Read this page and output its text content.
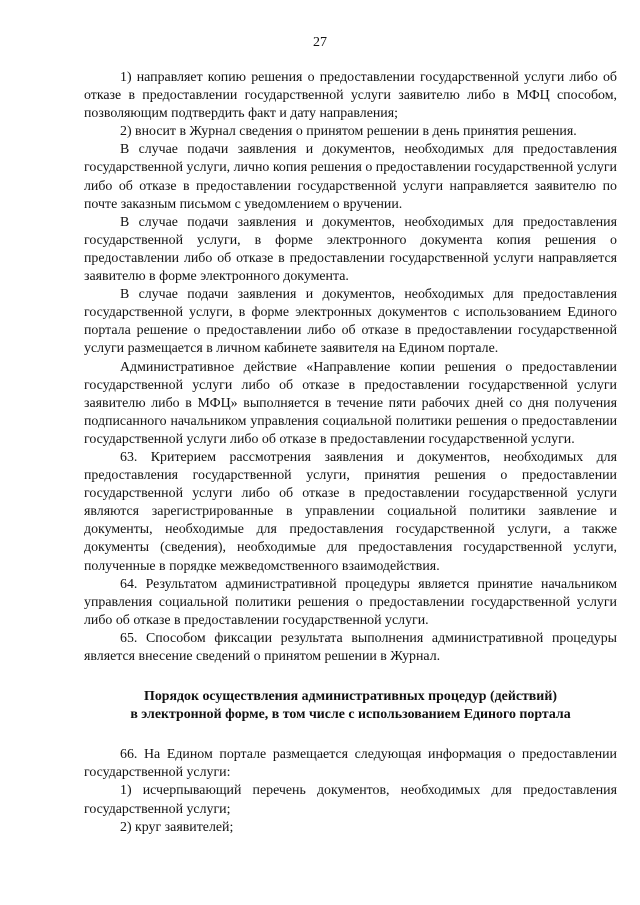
27

1) направляет копию решения о предоставлении государственной услуги либо об отказе в предоставлении государственной услуги заявителю либо в МФЦ способом, позволяющим подтвердить факт и дату направления;

2) вносит в Журнал сведения о принятом решении в день принятия решения.

В случае подачи заявления и документов, необходимых для предоставления государственной услуги, лично копия решения о предоставлении государственной услуги либо об отказе в предоставлении государственной услуги направляется заявителю по почте заказным письмом с уведомлением о вручении.

В случае подачи заявления и документов, необходимых для предоставления государственной услуги, в форме электронного документа копия решения о предоставлении либо об отказе в предоставлении государственной услуги направляется заявителю в форме электронного документа.

В случае подачи заявления и документов, необходимых для предоставления государственной услуги, в форме электронных документов с использованием Единого портала решение о предоставлении либо об отказе в предоставлении государственной услуги размещается в личном кабинете заявителя на Едином портале.

Административное действие «Направление копии решения о предоставлении государственной услуги либо об отказе в предоставлении государственной услуги заявителю либо в МФЦ» выполняется в течение пяти рабочих дней со дня получения подписанного начальником управления социальной политики решения о предоставлении государственной услуги либо об отказе в предоставлении государственной услуги.

63. Критерием рассмотрения заявления и документов, необходимых для предоставления государственной услуги, принятия решения о предоставлении государственной услуги либо об отказе в предоставлении государственной услуги являются зарегистрированные в управлении социальной политики заявление и документы, необходимые для предоставления государственной услуги, а также документы (сведения), необходимые для предоставления государственной услуги, полученные в порядке межведомственного взаимодействия.

64. Результатом административной процедуры является принятие начальником управления социальной политики решения о предоставлении государственной услуги либо об отказе в предоставлении государственной услуги.

65. Способом фиксации результата выполнения административной процедуры является внесение сведений о принятом решении в Журнал.

Порядок осуществления административных процедур (действий)
в электронной форме, в том числе с использованием Единого портала

66. На Едином портале размещается следующая информация о предоставлении государственной услуги:

1) исчерпывающий перечень документов, необходимых для предоставления государственной услуги;

2) круг заявителей;
